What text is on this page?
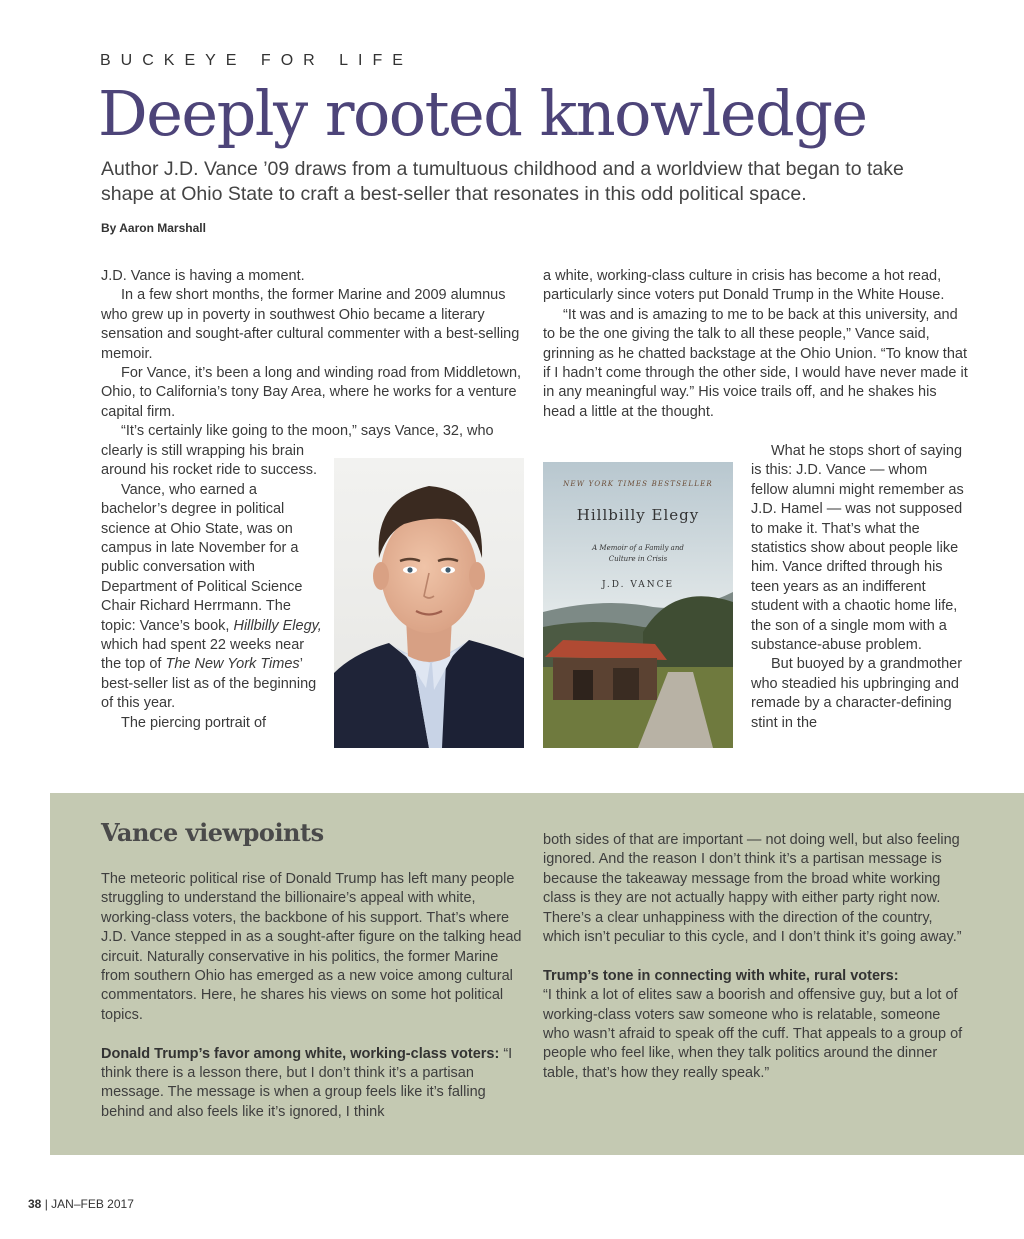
BUCKEYE FOR LIFE
Deeply rooted knowledge

Author J.D. Vance ’09 draws from a tumultuous childhood and a worldview that began to take shape at Ohio State to craft a best-seller that resonates in this odd political space.

By Aaron Marshall

J.D. Vance is having a moment.

In a few short months, the former Marine and 2009 alumnus who grew up in poverty in southwest Ohio became a literary sensation and sought-after cultural commenter with a best-selling memoir.

For Vance, it’s been a long and winding road from Middletown, Ohio, to California’s tony Bay Area, where he works for a venture capital firm.

“It’s certainly like going to the moon,” says Vance, 32, who

clearly is still wrapping his brain around his rocket ride to success.

Vance, who earned a bachelor’s degree in political science at Ohio State, was on campus in late November for a public conversation with Department of Political Science Chair Richard Herrmann. The topic: Vance’s book, Hillbilly Elegy, which had spent 22 weeks near the top of The New York Times’ best-seller list as of the beginning of this year.

The piercing portrait of

a white, working-class culture in crisis has become a hot read, particularly since voters put Donald Trump in the White House.

“It was and is amazing to me to be back at this university, and to be the one giving the talk to all these people,” Vance said, grinning as he chatted backstage at the Ohio Union. “To know that if I hadn’t come through the other side, I would have never made it in any meaningful way.” His voice trails off, and he shakes his head a little at the thought.

What he stops short of saying is this: J.D. Vance — whom fellow alumni might remember as J.D. Hamel — was not supposed to make it. That’s what the statistics show about people like him. Vance drifted through his teen years as an indifferent student with a chaotic home life, the son of a single mom with a substance-abuse problem.

But buoyed by a grandmother who steadied his upbringing and remade by a character-defining stint in the

NEW YORK TIMES BESTSELLER
Hillbilly Elegy
A Memoir of a Family and
Culture in Crisis
J.D. VANCE
Vance viewpoints

The meteoric political rise of Donald Trump has left many people struggling to understand the billionaire’s appeal with white, working-class voters, the backbone of his support. That’s where J.D. Vance stepped in as a sought-after figure on the talking head circuit. Naturally conservative in his politics, the former Marine from southern Ohio has emerged as a new voice among cultural commentators. Here, he shares his views on some hot political topics.

Donald Trump’s favor among white, working-class voters: “I think there is a lesson there, but I don’t think it’s a partisan message. The message is when a group feels like it’s falling behind and also feels like it’s ignored, I think

both sides of that are important — not doing well, but also feeling ignored. And the reason I don’t think it’s a partisan message is because the takeaway message from the broad white working class is they are not actually happy with either party right now. There’s a clear unhappiness with the direction of the country, which isn’t peculiar to this cycle, and I don’t think it’s going away.”

Trump’s tone in connecting with white, rural voters:
“I think a lot of elites saw a boorish and offensive guy, but a lot of working-class voters saw someone who is relatable, someone who wasn’t afraid to speak off the cuff. That appeals to a group of people who feel like, when they talk politics around the dinner table, that’s how they really speak.”

38 | JAN–FEB 2017
